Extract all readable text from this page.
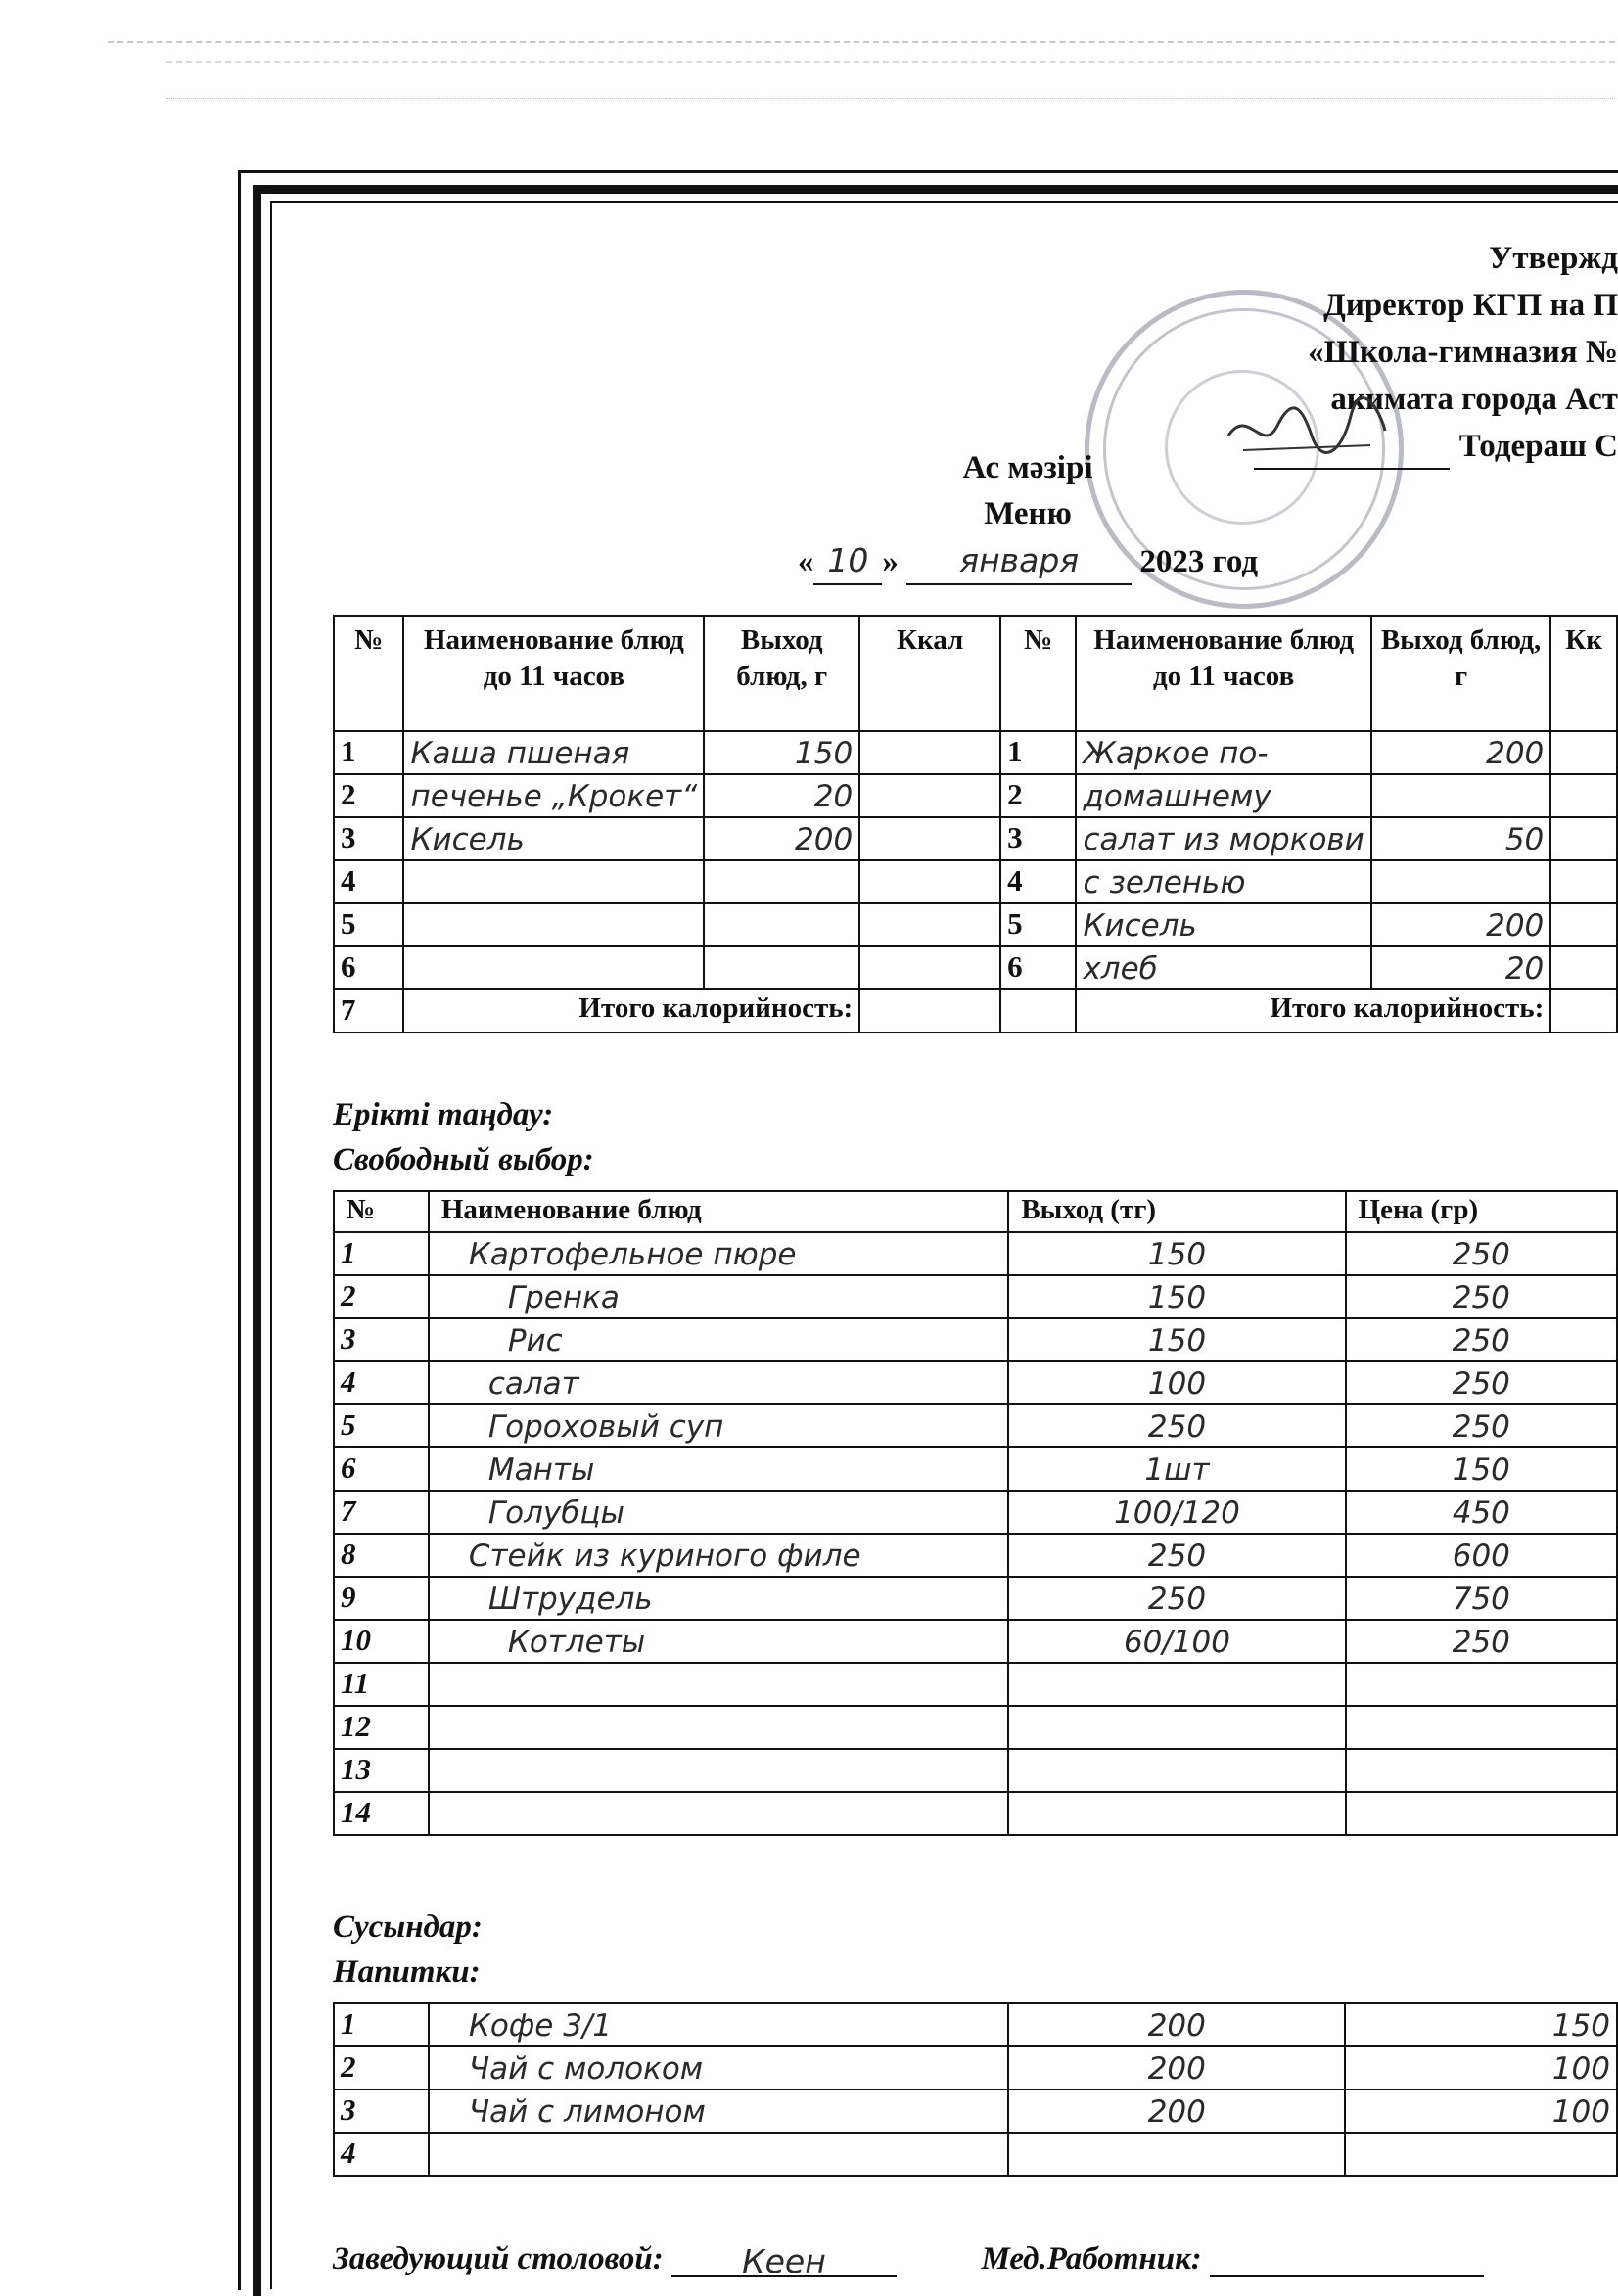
Утвержд
Директор КГП на П
«Школа-гимназия №
акимата города Аст
Тодераш С
Ас мәзірі
Меню
« 10 » января 2023 год
№	Наименование блюд до 11 часов	Выход блюд, г	Ккал	№	Наименование блюд до 11 часов	Выход блюд, г	Кк
1	Каша пшеная	150		1	Жаркое по-	200	
2	печенье „Крокет“	20		2	домашнему		
3	Кисель	200		3	салат из моркови	50	
4				4	с зеленью		
5				5	Кисель	200	
6				6	хлеб	20	
7	Итого калорийность:				Итого калорийность:		
Ерікті таңдау:
Свободный выбор:
№	Наименование блюд	Выход (тг)	Цена (гр)
1	Картофельное пюре	150	250
2	Гренка	150	250
3	Рис	150	250
4	салат	100	250
5	Гороховый суп	250	250
6	Манты	1шт	150
7	Голубцы	100/120	450
8	Стейк из куриного филе	250	600
9	Штрудель	250	750
10	Котлеты	60/100	250
11			
12			
13			
14			
Сусындар:
Напитки:
1	Кофе 3/1	200	150
2	Чай с молоком	200	100
3	Чай с лимоном	200	100
4			
Заведующий столовой: Кеен	Мед.Работник:
